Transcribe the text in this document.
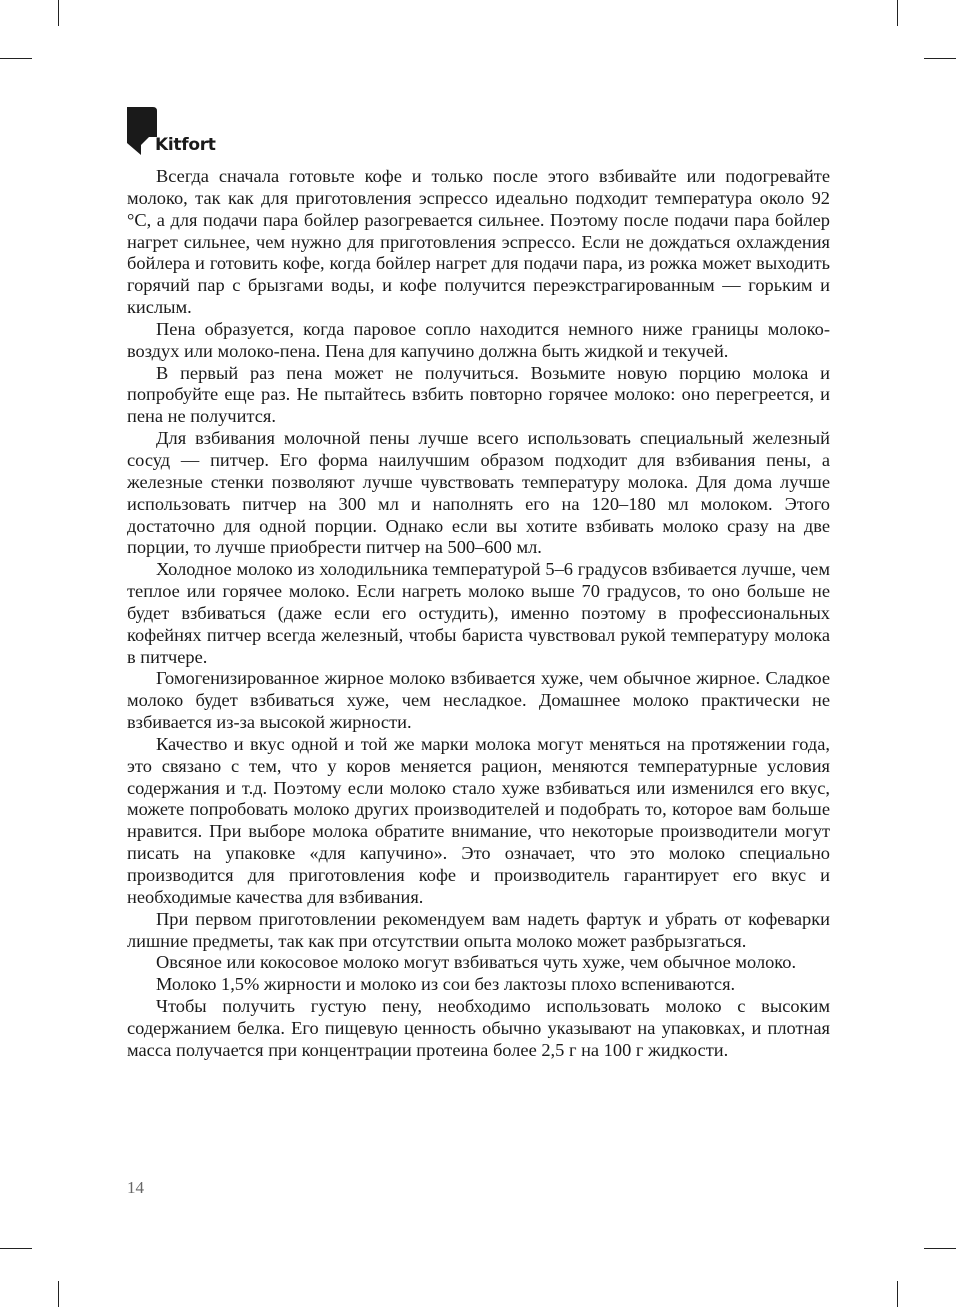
Kitfort

Всегда сначала готовьте кофе и только после этого взбивайте или подогревайте молоко, так как для приготовления эспрессо идеально подходит температура около 92 °C, а для подачи пара бойлер разогревается сильнее. Поэтому после подачи пара бойлер нагрет сильнее, чем нужно для приготовления эспрессо. Если не дождаться охлаждения бойлера и готовить кофе, когда бойлер нагрет для подачи пара, из рожка может выходить горячий пар с брызгами воды, и кофе получится переэкстрагированным — горьким и кислым.

Пена образуется, когда паровое сопло находится немного ниже границы молоко-воздух или молоко-пена. Пена для капучино должна быть жидкой и текучей.

В первый раз пена может не получиться. Возьмите новую порцию молока и попробуйте еще раз. Не пытайтесь взбить повторно горячее молоко: оно перегреется, и пена не получится.

Для взбивания молочной пены лучше всего использовать специальный железный сосуд — питчер. Его форма наилучшим образом подходит для взбивания пены, а железные стенки позволяют лучше чувствовать температуру молока. Для дома лучше использовать питчер на 300 мл и наполнять его на 120–180 мл молоком. Этого достаточно для одной порции. Однако если вы хотите взбивать молоко сразу на две порции, то лучше приобрести питчер на 500–600 мл.

Холодное молоко из холодильника температурой 5–6 градусов взбивается лучше, чем теплое или горячее молоко. Если нагреть молоко выше 70 градусов, то оно больше не будет взбиваться (даже если его остудить), именно поэтому в профессиональных кофейнях питчер всегда железный, чтобы бариста чувствовал рукой температуру молока в питчере.

Гомогенизированное жирное молоко взбивается хуже, чем обычное жирное. Сладкое молоко будет взбиваться хуже, чем несладкое. Домашнее молоко практически не взбивается из-за высокой жирности.

Качество и вкус одной и той же марки молока могут меняться на протяжении года, это связано с тем, что у коров меняется рацион, меняются температурные условия содержания и т.д. Поэтому если молоко стало хуже взбиваться или изменился его вкус, можете попробовать молоко других производителей и подобрать то, которое вам больше нравится. При выборе молока обратите внимание, что некоторые производители могут писать на упаковке «для капучино». Это означает, что это молоко специально производится для приготовления кофе и производитель гарантирует его вкус и необходимые качества для взбивания.

При первом приготовлении рекомендуем вам надеть фартук и убрать от кофеварки лишние предметы, так как при отсутствии опыта молоко может разбрызгаться.

Овсяное или кокосовое молоко могут взбиваться чуть хуже, чем обычное молоко.

Молоко 1,5% жирности и молоко из сои без лактозы плохо вспениваются.

Чтобы получить густую пену, необходимо использовать молоко с высоким содержанием белка. Его пищевую ценность обычно указывают на упаковках, и плотная масса получается при концентрации протеина более 2,5 г на 100 г жидкости.

14
